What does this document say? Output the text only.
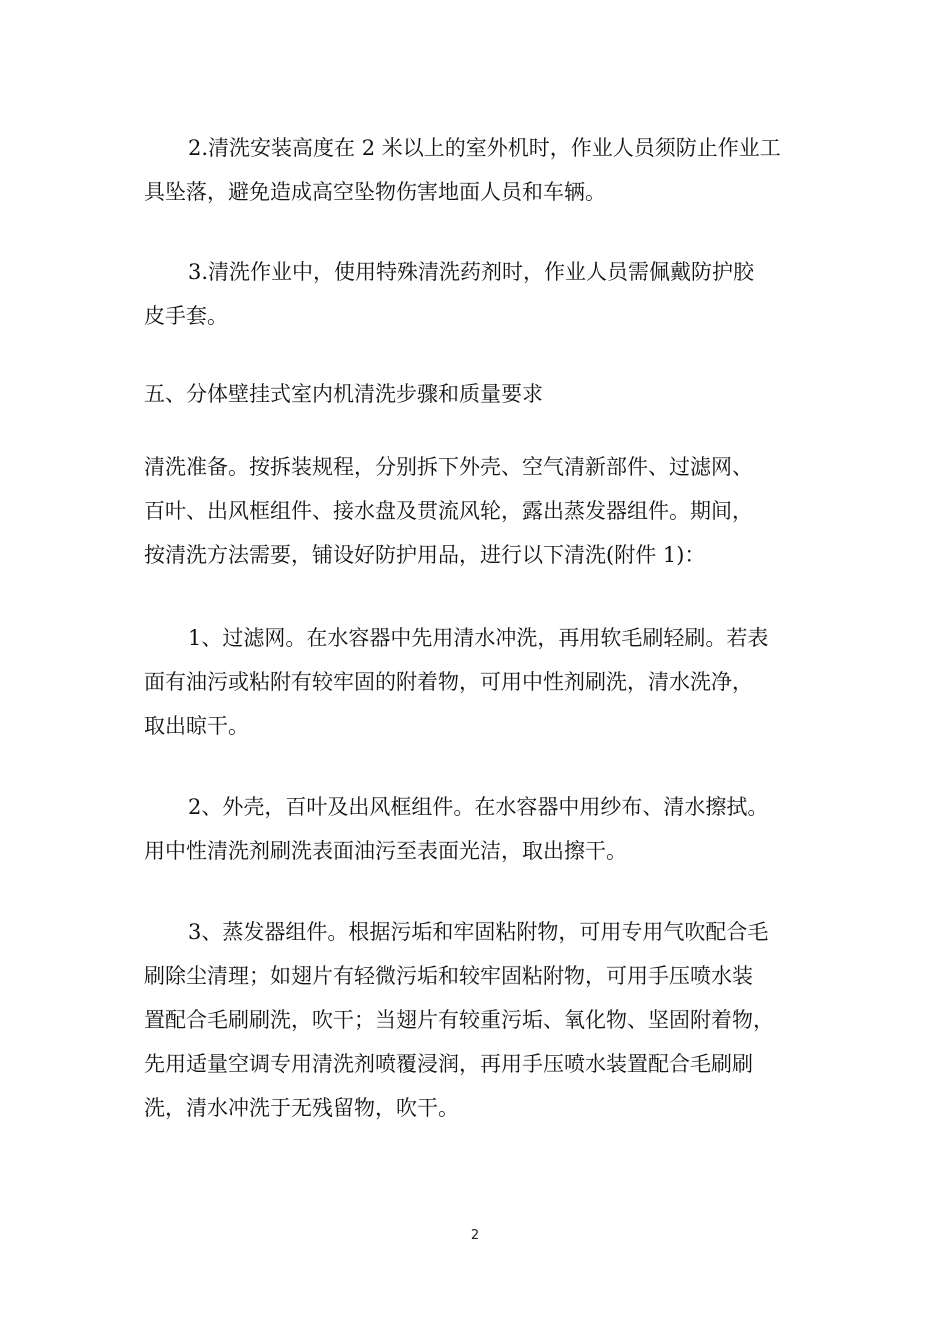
2.清洗安装高度在 2 米以上的室外机时，作业人员须防止作业工
具坠落，避免造成高空坠物伤害地面人员和车辆。
3.清洗作业中，使用特殊清洗药剂时，作业人员需佩戴防护胶
皮手套。
五、分体壁挂式室内机清洗步骤和质量要求
清洗准备。按拆装规程，分别拆下外壳、空气清新部件、过滤网、
百叶、出风框组件、接水盘及贯流风轮，露出蒸发器组件。期间，
按清洗方法需要，铺设好防护用品，进行以下清洗(附件 1)：
1、过滤网。在水容器中先用清水冲洗，再用软毛刷轻刷。若表
面有油污或粘附有较牢固的附着物，可用中性剂刷洗，清水洗净，
取出晾干。
2、外壳，百叶及出风框组件。在水容器中用纱布、清水擦拭。
用中性清洗剂刷洗表面油污至表面光洁，取出擦干。
3、蒸发器组件。根据污垢和牢固粘附物，可用专用气吹配合毛
刷除尘清理；如翅片有轻微污垢和较牢固粘附物，可用手压喷水装
置配合毛刷刷洗，吹干；当翅片有较重污垢、氧化物、坚固附着物，
先用适量空调专用清洗剂喷覆浸润，再用手压喷水装置配合毛刷刷
洗，清水冲洗于无残留物，吹干。
2
